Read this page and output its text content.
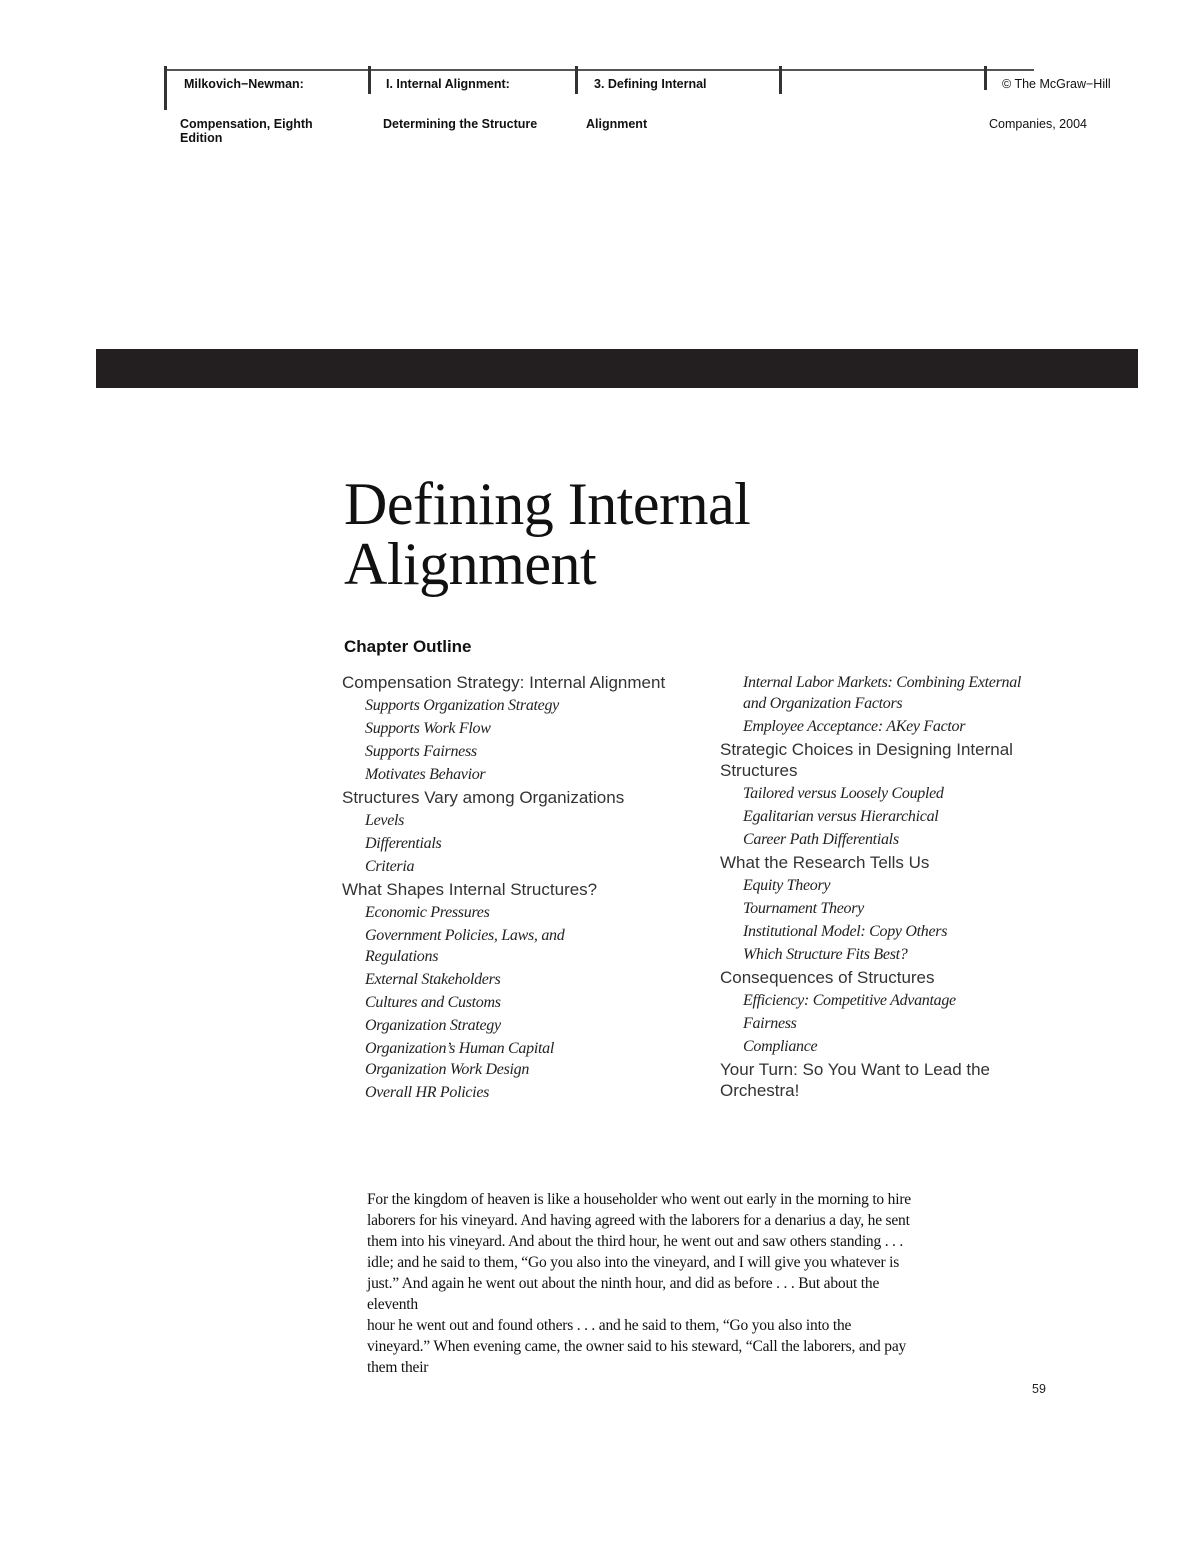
Milkovich−Newman:
Compensation, Eighth Edition
I. Internal Alignment:
Determining the Structure
3. Defining Internal
Alignment
© The McGraw−Hill
Companies, 2004
Defining Internal
Alignment
Chapter Outline
Compensation Strategy: Internal Alignment
Supports Organization Strategy
Supports Work Flow
Supports Fairness
Motivates Behavior
Structures Vary among Organizations
Levels
Differentials
Criteria
What Shapes Internal Structures?
Economic Pressures
Government Policies, Laws, and Regulations
External Stakeholders
Cultures and Customs
Organization Strategy
Organization’s Human Capital Organization Work Design
Overall HR Policies
Internal Labor Markets: Combining External and Organization Factors
Employee Acceptance: AKey Factor
Strategic Choices in Designing Internal Structures
Tailored versus Loosely Coupled
Egalitarian versus Hierarchical
Career Path Differentials
What the Research Tells Us
Equity Theory
Tournament Theory
Institutional Model: Copy Others
Which Structure Fits Best?
Consequences of Structures
Efficiency: Competitive Advantage
Fairness
Compliance
Your Turn: So You Want to Lead the Orchestra!

For the kingdom of heaven is like a householder who went out early in the morning to hire
laborers for his vineyard. And having agreed with the laborers for a denarius a day, he sent
them into his vineyard. And about the third hour, he went out and saw others standing . . .
idle; and he said to them, “Go you also into the vineyard, and I will give you whatever is
just.” And again he went out about the ninth hour, and did as before . . . But about the
eleventh
hour he went out and found others . . . and he said to them, “Go you also into the
vineyard.” When evening came, the owner said to his steward, “Call the laborers, and pay
them their

59
